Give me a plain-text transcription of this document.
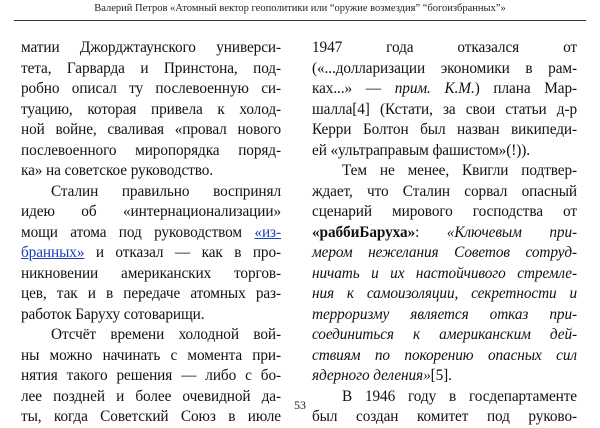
Валерий Петров «Атомный вектор геополитики или “оружие возмездия” “богоизбранных”»
матии Джорджтаунского универси-
тета, Гарварда и Принстона, под-
робно описал ту послевоенную си-
туацию, которая привела к холод-
ной войне, сваливая «провал нового
послевоенного миропорядка поряд-
ка» на советское руководство.
Сталин правильно воспринял
идею об «интернационализации»
мощи атома под руководством «из-
бранных» и отказал — как в про-
никновении американских торгов-
цев, так и в передаче атомных раз-
работок Баруху сотоварищи.
Отсчёт времени холодной вой-
ны можно начинать с момента при-
нятия такого решения — либо с бо-
лее поздней и более очевидной да-
ты, когда Советский Союз в июле
1947 года отказался от
(«...долларизации экономики в рам-
ках...» — прим. К.М.) плана Мар-
шалла[4] (Кстати, за свои статьи д-р
Керри Болтон был назван википеди-
ей «ультраправым фашистом»(!)).
Тем не менее, Квигли подтвер-
ждает, что Сталин сорвал опасный
сценарий мирового господства от
«раббиБаруха»: «Ключевым при-
мером нежелания Советов сотруд-
ничать и их настойчивого стремле-
ния к самоизоляции, секретности и
терроризму является отказ при-
соединиться к американским дей-
ствиям по покорению опасных сил
ядерного деления»[5].
В 1946 году в госдепартаменте
был создан комитет под руково-
53
